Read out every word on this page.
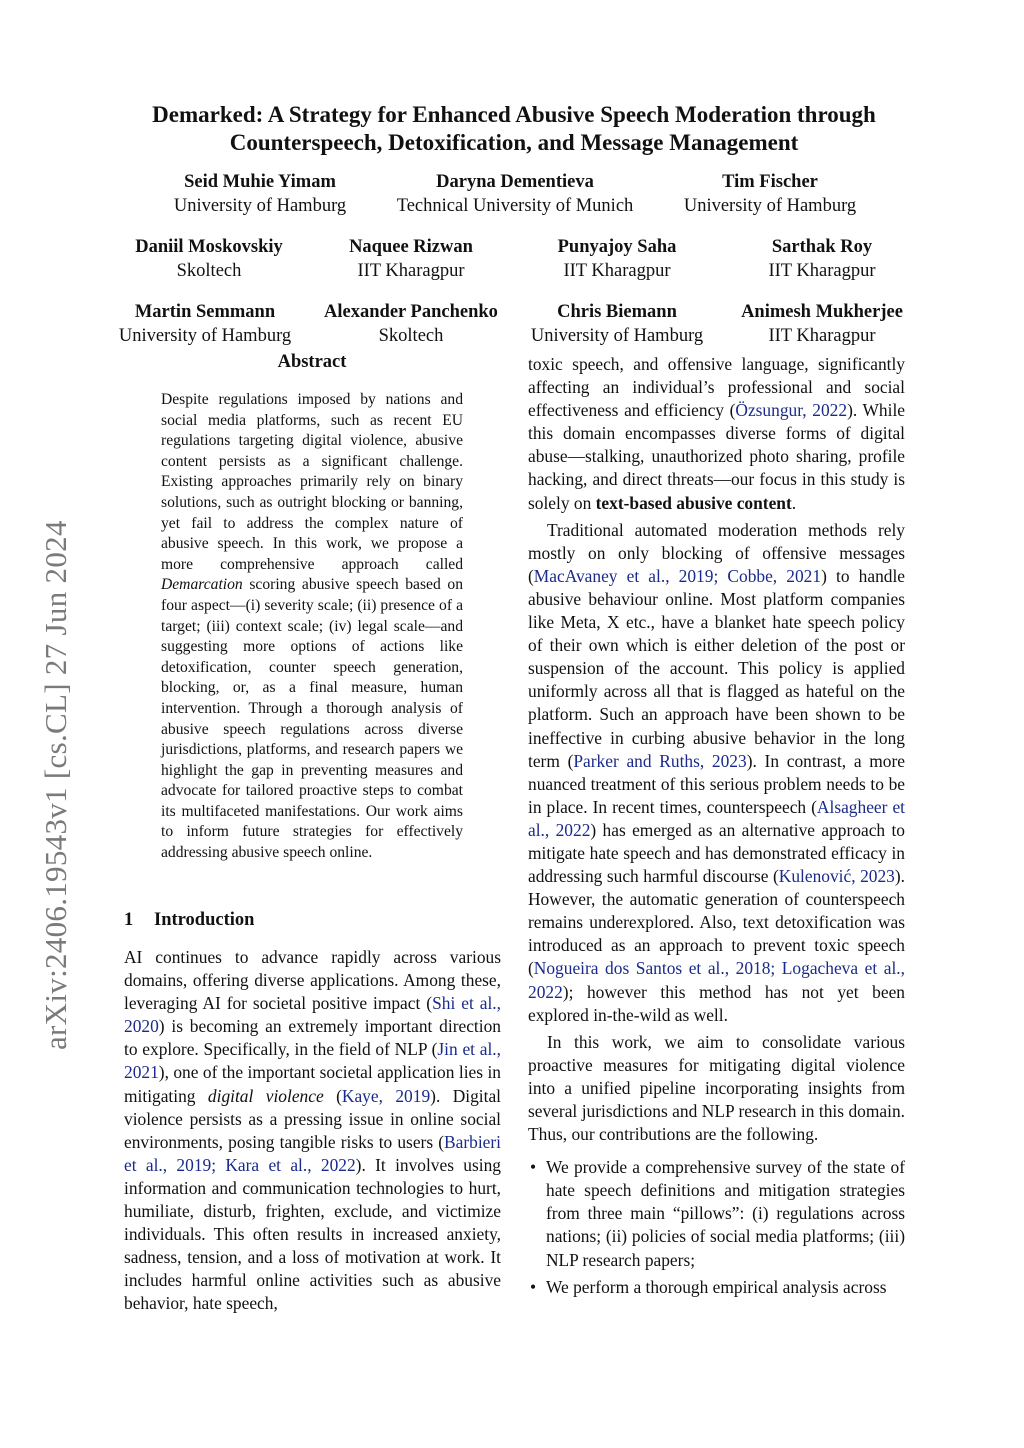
arXiv:2406.19543v1 [cs.CL] 27 Jun 2024
Demarked: A Strategy for Enhanced Abusive Speech Moderation through
Counterspeech, Detoxification, and Message Management
Seid Muhie Yimam
University of Hamburg
Daryna Dementieva
Technical University of Munich
Tim Fischer
University of Hamburg
Daniil Moskovskiy
Skoltech
Naquee Rizwan
IIT Kharagpur
Punyajoy Saha
IIT Kharagpur
Sarthak Roy
IIT Kharagpur
Martin Semmann
University of Hamburg
Alexander Panchenko
Skoltech
Chris Biemann
University of Hamburg
Animesh Mukherjee
IIT Kharagpur
Abstract
Despite regulations imposed by nations and social media platforms, such as recent EU regulations targeting digital violence, abusive content persists as a significant challenge. Existing approaches primarily rely on binary solutions, such as outright blocking or banning, yet fail to address the complex nature of abusive speech. In this work, we propose a more comprehensive approach called Demarcation scoring abusive speech based on four aspect—(i) severity scale; (ii) presence of a target; (iii) context scale; (iv) legal scale—and suggesting more options of actions like detoxification, counter speech generation, blocking, or, as a final measure, human intervention. Through a thorough analysis of abusive speech regulations across diverse jurisdictions, platforms, and research papers we highlight the gap in preventing measures and advocate for tailored proactive steps to combat its multifaceted manifestations. Our work aims to inform future strategies for effectively addressing abusive speech online.
1 Introduction

AI continues to advance rapidly across various domains, offering diverse applications. Among these, leveraging AI for societal positive impact (Shi et al., 2020) is becoming an extremely important direction to explore. Specifically, in the field of NLP (Jin et al., 2021), one of the important societal application lies in mitigating digital violence (Kaye, 2019). Digital violence persists as a pressing issue in online social environments, posing tangible risks to users (Barbieri et al., 2019; Kara et al., 2022). It involves using information and communication technologies to hurt, humiliate, disturb, frighten, exclude, and victimize individuals. This often results in increased anxiety, sadness, tension, and a loss of motivation at work. It includes harmful online activities such as abusive behavior, hate speech,

toxic speech, and offensive language, significantly affecting an individual’s professional and social effectiveness and efficiency (Özsungur, 2022). While this domain encompasses diverse forms of digital abuse—stalking, unauthorized photo sharing, profile hacking, and direct threats—our focus in this study is solely on text-based abusive content.

Traditional automated moderation methods rely mostly on only blocking of offensive messages (MacAvaney et al., 2019; Cobbe, 2021) to handle abusive behaviour online. Most platform companies like Meta, X etc., have a blanket hate speech policy of their own which is either deletion of the post or suspension of the account. This policy is applied uniformly across all that is flagged as hateful on the platform. Such an approach have been shown to be ineffective in curbing abusive behavior in the long term (Parker and Ruths, 2023). In contrast, a more nuanced treatment of this serious problem needs to be in place. In recent times, counterspeech (Alsagheer et al., 2022) has emerged as an alternative approach to mitigate hate speech and has demonstrated efficacy in addressing such harmful discourse (Kulenović, 2023). However, the automatic generation of counterspeech remains underexplored. Also, text detoxification was introduced as an approach to prevent toxic speech (Nogueira dos Santos et al., 2018; Logacheva et al., 2022); however this method has not yet been explored in-the-wild as well.

In this work, we aim to consolidate various proactive measures for mitigating digital violence into a unified pipeline incorporating insights from several jurisdictions and NLP research in this domain. Thus, our contributions are the following.

• We provide a comprehensive survey of the state of hate speech definitions and mitigation strategies from three main “pillows”: (i) regulations across nations; (ii) policies of social media platforms; (iii) NLP research papers;
• We perform a thorough empirical analysis across
